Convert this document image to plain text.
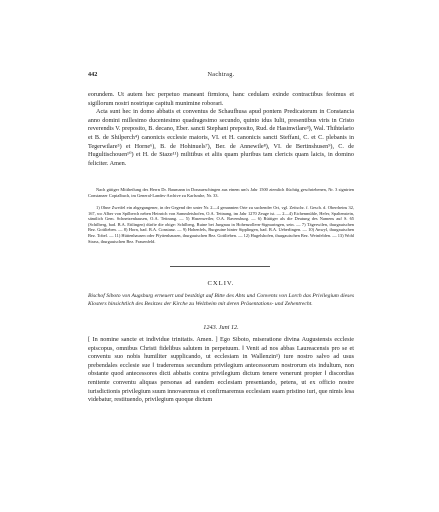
442	Nachtrag.

eorundem. Ut autem hec perpetuo maneant firmiora, hanc cedulam exinde contractibus feoimus et sigillorum nostri nostrique capituli munimine roborari.

Acta sunt hec in domo abbatis et conventus de Schaufhusa apud pontem Predicatorum in Constancia anno domini millesimo ducentesimo quadragesimo secundo, quinto idus Iulii, presentibus viris in Cristo reverendis V. preposito, B. decano, Eber. sancti Stephani preposito, Rud. de Hasinwilare³), Wal. Thihtelario et B. de Shilperch⁴) canonicis ecclesie maioris, VI. et H. canonicis sancti Steffani, C. et C. plebanis in Tegerwilare⁵) et Horne⁶), B. de Hohinuels⁷), Ber. de Annewile⁸), VI. de Bertinshusen⁹), C. de Hugultischouen¹⁰) et H. de Staze¹¹) militibus et aliis quam pluribus tam clericis quam laicis, in domino feliciter. Amen.

Nach gütiger Mittheilung des Herrn Dr. Baumann in Donaueschingen aus einem um's Jahr 1500 ziemlich flüchtig geschriebenen, Nr. 3 signirten Constanzer Copialbuch, im General-Landes-Archive zu Karlsruhe, Nr. 33.

1) Ohne Zweifel ein abgegangener, in der Gegend der unter Nr. 2—4 genannten Orte zu suchender Ort, vgl. Zeitschr. f. Gesch. d. Oberrheins 32, 167, wo Alber von Spilberch neben Heinrich von Sammletshofen, O.A. Tettnang, im Jahr 1270 Zeuge ist. — 2—4) Eichenmühle, Hefer, Spaltenstein, sämtlich Gem. Schnetzenhausen, O.A. Tettnang. — 5) Hasenweiler, O.A. Ravensburg. — 6) Rüttiger als die Deutung des Namens auf S. 65 (Schilberg, bad. B.A. Ettlingen) dürfte die obige: Schilberg, Ruine bei Jungnau in Hohenzollern-Sigmaringen, sein. — 7) Tägerwilen, thurgauischen Bez. Gottlieben. — 8) Horn, bad. B.A. Constanz. — 9) Hohenfels, Burgruine hinter Sipplingen, bad. B.A. Ueberlingen. — 10) Anwyl, thurgauischen Bez. Tobel. — 11) Hüttenhausen oder Pfyttenhausen, thurgauischen Bez. Gottlieben. — 12) Hugelshofen, thurgauischen Bez. Weinfelden. — 13) Wohl Strass, thurgauischen Bez. Frauenfeld.

CXLIV.
Bischof Sibotо von Augsburg erneuert und bestätigt auf Bitte des Abts und Convents von Lorch das Privilegium dieses Klosters hinsichtlich des Besitzes der Kirche zu Welzheim mit deren Präsentations- und Zehentrecht.
1243. Juni 12.

[ In nomine sancte et individue trinitatis. Amen. ] Ego Siboto, miseratione divina Augustensis ecclesie episcopus, omnibus Christi fidelibus salutem in perpetuum. ‖ Venit ad nos abbas Laureacensis pro se et conventu suo nobis humiliter supplicando, ut ecclesiam in Wallenzin¹) iure nostro salvo ad usus prebendales ecclesie sue ‖ traderemus secundum privilegium antecessorum nostrorum eis indultum, non obstante quod antecessores dicti abbatis contra privilegium dictum tenere venerunt propter ‖ discordias renitente conventu aliquas personas ad eandem ecclesiam presentando, petens, ut ex officio nostre iurisdictionis privilegium suum innovaremus et confirmaremus ecclesiam suam pristino iuri, que nimis lesa videbatur, restituendo, privilegium quoque dictum
